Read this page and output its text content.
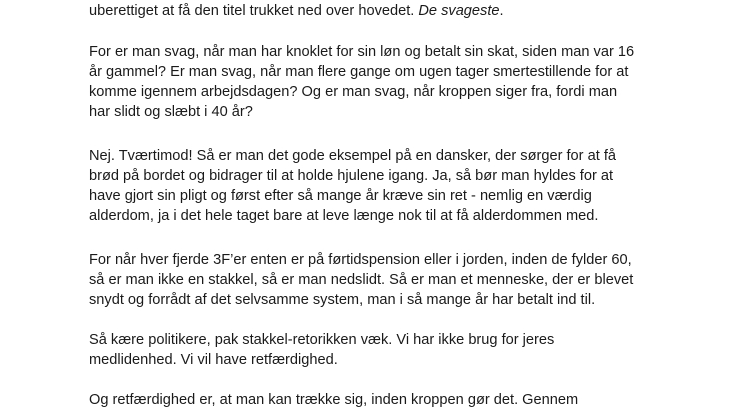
uberettiget at få den titel trukket ned over hovedet. De svageste.

For er man svag, når man har knoklet for sin løn og betalt sin skat, siden man var 16
år gammel? Er man svag, når man flere gange om ugen tager smertestillende for at
komme igennem arbejdsdagen? Og er man svag, når kroppen siger fra, fordi man
har slidt og slæbt i 40 år?

Nej. Tværtimod! Så er man det gode eksempel på en dansker, der sørger for at få
brød på bordet og bidrager til at holde hjulene igang. Ja, så bør man hyldes for at
have gjort sin pligt og først efter så mange år kræve sin ret - nemlig en værdig
alderdom, ja i det hele taget bare at leve længe nok til at få alderdommen med.

For når hver fjerde 3F’er enten er på førtidspension eller i jorden, inden de fylder 60,
så er man ikke en stakkel, så er man nedslidt. Så er man et menneske, der er blevet
snydt og forrådt af det selvsamme system, man i så mange år har betalt ind til.

Så kære politikere, pak stakkel-retorikken væk. Vi har ikke brug for jeres
medlidenhed. Vi vil have retfærdighed.

Og retfærdighed er, at man kan trække sig, inden kroppen gør det. Gennem
